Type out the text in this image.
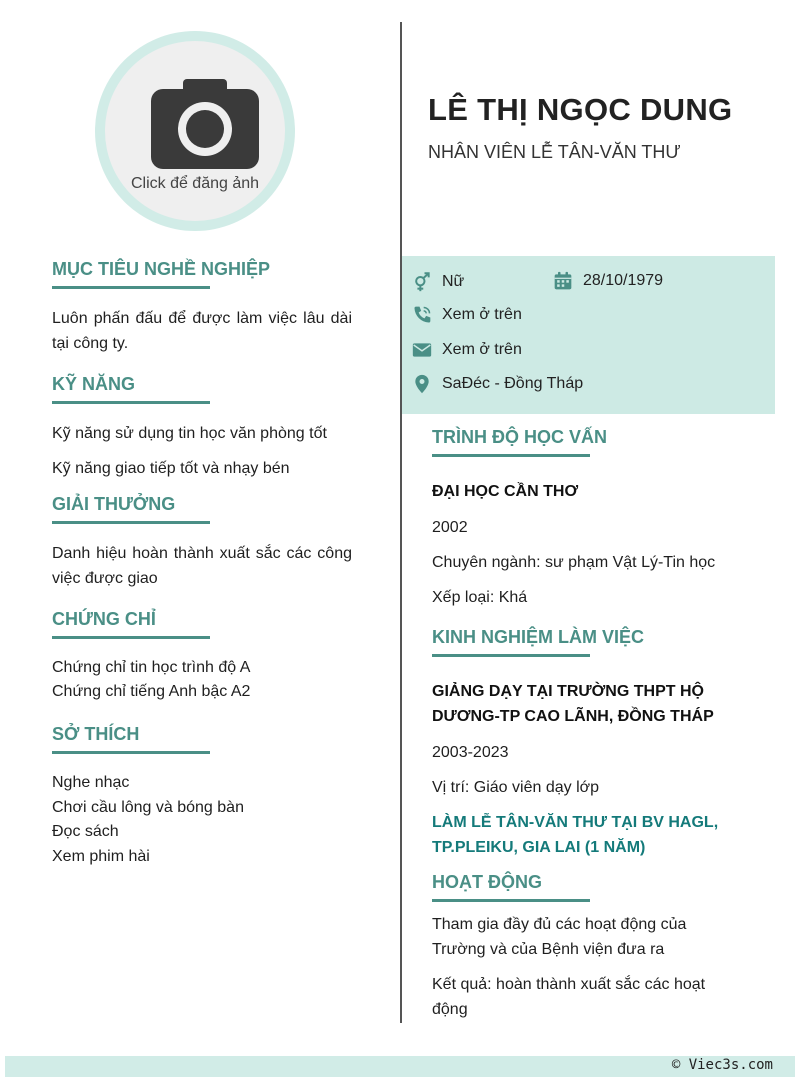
Click để đăng ảnh
LÊ THỊ NGỌC DUNG
NHÂN VIÊN LỄ TÂN-VĂN THƯ
Nữ	28/10/1979
Xem ở trên
Xem ở trên
SaĐéc - Đồng Tháp
MỤC TIÊU NGHỀ NGHIỆP

Luôn phấn đấu để được làm việc lâu dài tại công ty.

KỸ NĂNG

Kỹ năng sử dụng tin học văn phòng tốt

Kỹ năng giao tiếp tốt và nhạy bén

GIẢI THƯỞNG

Danh hiệu hoàn thành xuất sắc các công việc được giao

CHỨNG CHỈ

Chứng chỉ tin học trình độ A

Chứng chỉ tiếng Anh bậc A2

SỞ THÍCH

Nghe nhạc

Chơi cầu lông và bóng bàn

Đọc sách

Xem phim hài

TRÌNH ĐỘ HỌC VẤN

ĐẠI HỌC CẦN THƠ

2002

Chuyên ngành: sư phạm Vật Lý-Tin học

Xếp loại: Khá

KINH NGHIỆM LÀM VIỆC

GIẢNG DẠY TẠI TRƯỜNG THPT HỘ DƯƠNG-TP CAO LÃNH, ĐỒNG THÁP

2003-2023

Vị trí: Giáo viên dạy lớp

LÀM LỄ TÂN-VĂN THƯ TẠI BV HAGL, TP.PLEIKU, GIA LAI (1 NĂM)

HOẠT ĐỘNG

Tham gia đầy đủ các hoạt động của Trường và của Bệnh viện đưa ra

Kết quả: hoàn thành xuất sắc các hoạt động

© Viec3s.com
